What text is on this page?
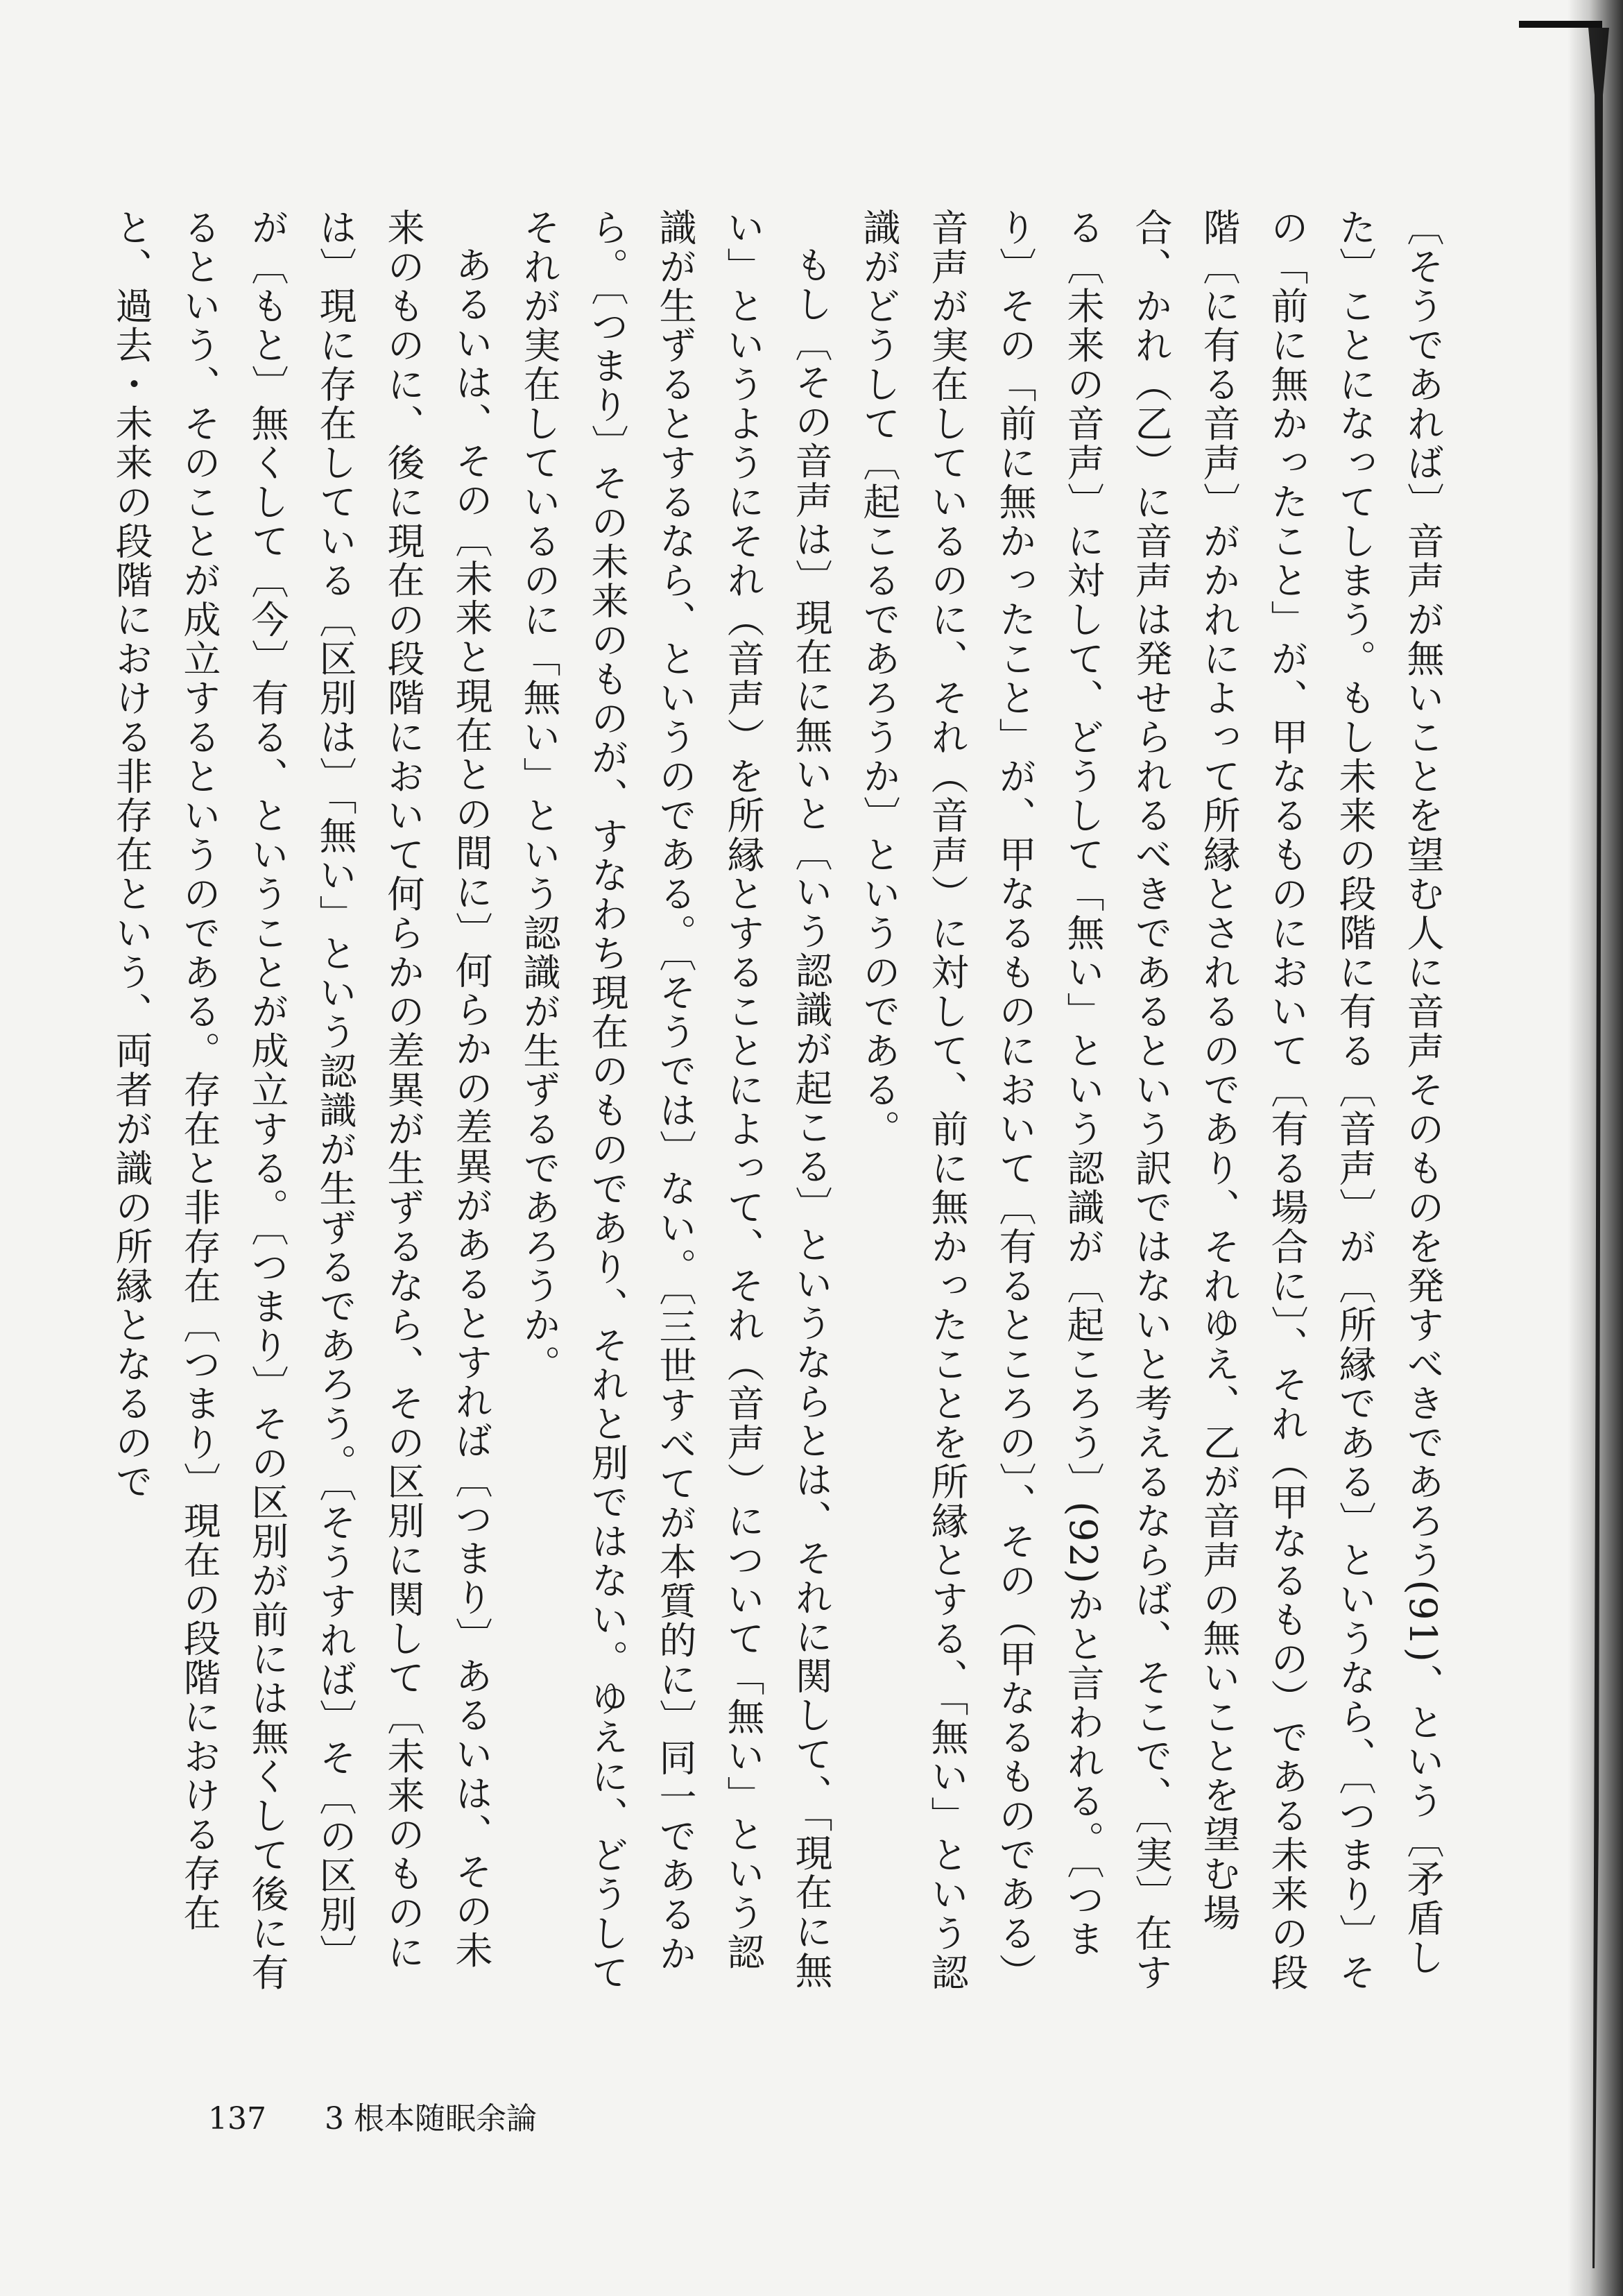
〔そうであれば〕音声が無いことを望む人に音声そのものを発すべきであろう(91)、という〔矛盾した〕ことになってしまう。もし未来の段階に有る〔音声〕が〔所縁である〕というなら、〔つまり〕その「前に無かったこと」が、甲なるものにおいて〔有る場合に〕、それ（甲なるもの）である未来の段階〔に有る音声〕がかれによって所縁とされるのであり、それゆえ、乙が音声の無いことを望む場合、かれ（乙）に音声は発せられるべきであるという訳ではないと考えるならば、そこで、〔実〕在する〔未来の音声〕に対して、どうして「無い」という認識が〔起ころう〕(92)かと言われる。〔つまり〕その「前に無かったこと」が、甲なるものにおいて〔有るところの〕、その（甲なるものである）音声が実在しているのに、それ（音声）に対して、前に無かったことを所縁とする、「無い」という認識がどうして〔起こるであろうか〕というのである。

もし〔その音声は〕現在に無いと〔いう認識が起こる〕というならとは、それに関して、「現在に無い」というようにそれ（音声）を所縁とすることによって、それ（音声）について「無い」という認識が生ずるとするなら、というのである。〔そうでは〕ない。〔三世すべてが本質的に〕同一であるから。〔つまり〕その未来のものが、すなわち現在のものであり、それと別ではない。ゆえに、どうしてそれが実在しているのに「無い」という認識が生ずるであろうか。

あるいは、その〔未来と現在との間に〕何らかの差異があるとすれば〔つまり〕あるいは、その未来のものに、後に現在の段階において何らかの差異が生ずるなら、その区別に関して〔未来のものには〕現に存在している〔区別は〕「無い」という認識が生ずるであろう。〔そうすれば〕そ〔の区別〕が〔もと〕無くして〔今〕有る、ということが成立する。〔つまり〕その区別が前には無くして後に有るという、そのことが成立するというのである。存在と非存在〔つまり〕現在の段階における存在と、過去・未来の段階における非存在という、両者が識の所縁となるので

137 3 根本随眠余論
